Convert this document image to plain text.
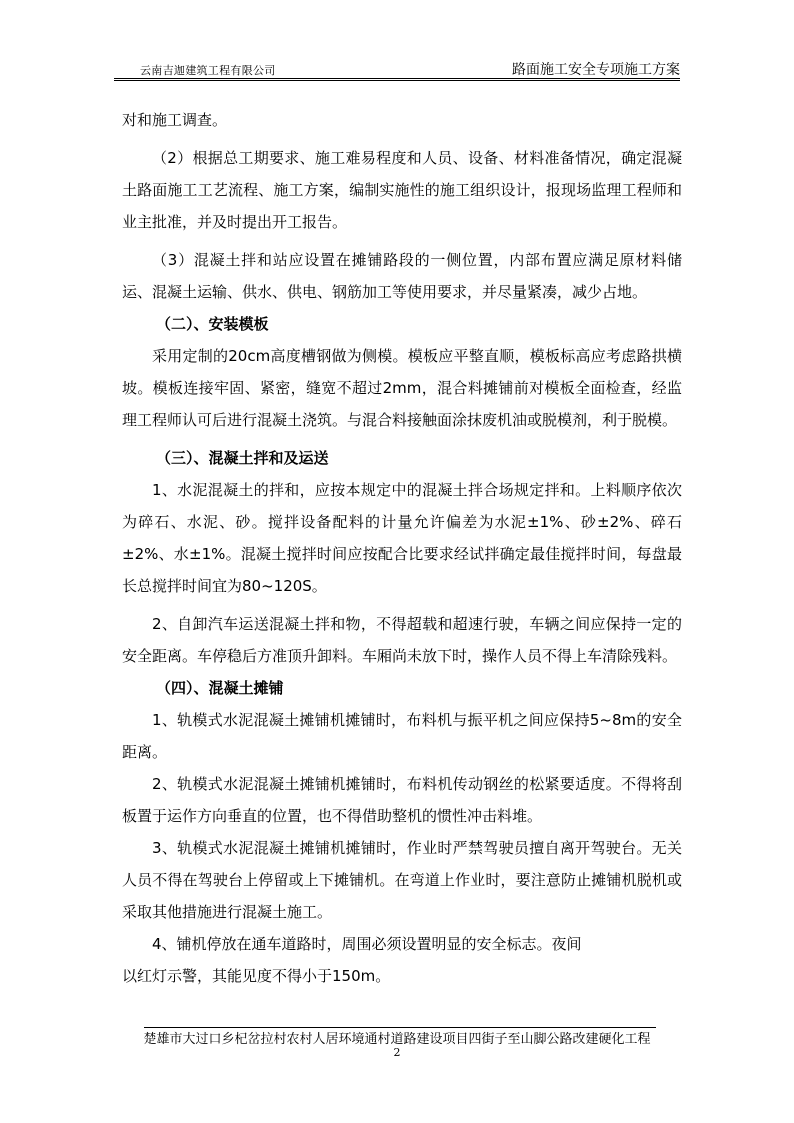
云南吉迦建筑工程有限公司	路面施工安全专项施工方案

对和施工调查。

（2）根据总工期要求、施工难易程度和人员、设备、材料准备情况，确定混凝土路面施工工艺流程、施工方案，编制实施性的施工组织设计，报现场监理工程师和业主批准，并及时提出开工报告。

（3）混凝土拌和站应设置在摊铺路段的一侧位置，内部布置应满足原材料储运、混凝土运输、供水、供电、钢筋加工等使用要求，并尽量紧凑，减少占地。

（二）、安装模板

采用定制的20cm高度槽钢做为侧模。模板应平整直顺，模板标高应考虑路拱横坡。模板连接牢固、紧密，缝宽不超过2mm，混合料摊铺前对模板全面检查，经监理工程师认可后进行混凝土浇筑。与混合料接触面涂抹废机油或脱模剂，利于脱模。

（三）、混凝土拌和及运送

1、水泥混凝土的拌和，应按本规定中的混凝土拌合场规定拌和。上料顺序依次为碎石、水泥、砂。搅拌设备配料的计量允许偏差为水泥±1%、砂±2%、碎石±2%、水±1%。混凝土搅拌时间应按配合比要求经试拌确定最佳搅拌时间，每盘最长总搅拌时间宜为80~120S。

2、自卸汽车运送混凝土拌和物，不得超载和超速行驶，车辆之间应保持一定的安全距离。车停稳后方准顶升卸料。车厢尚未放下时，操作人员不得上车清除残料。

（四）、混凝土摊铺

1、轨模式水泥混凝土摊铺机摊铺时，布料机与振平机之间应保持5~8m的安全距离。

2、轨模式水泥混凝土摊铺机摊铺时，布料机传动钢丝的松紧要适度。不得将刮板置于运作方向垂直的位置，也不得借助整机的惯性冲击料堆。

3、轨模式水泥混凝土摊铺机摊铺时，作业时严禁驾驶员擅自离开驾驶台。无关人员不得在驾驶台上停留或上下摊铺机。在弯道上作业时，要注意防止摊铺机脱机或采取其他措施进行混凝土施工。

4、铺机停放在通车道路时，周围必须设置明显的安全标志。夜间

以红灯示警，其能见度不得小于150m。

楚雄市大过口乡杞岔拉村农村人居环境通村道路建设项目四街子至山脚公路改建硬化工程
2
